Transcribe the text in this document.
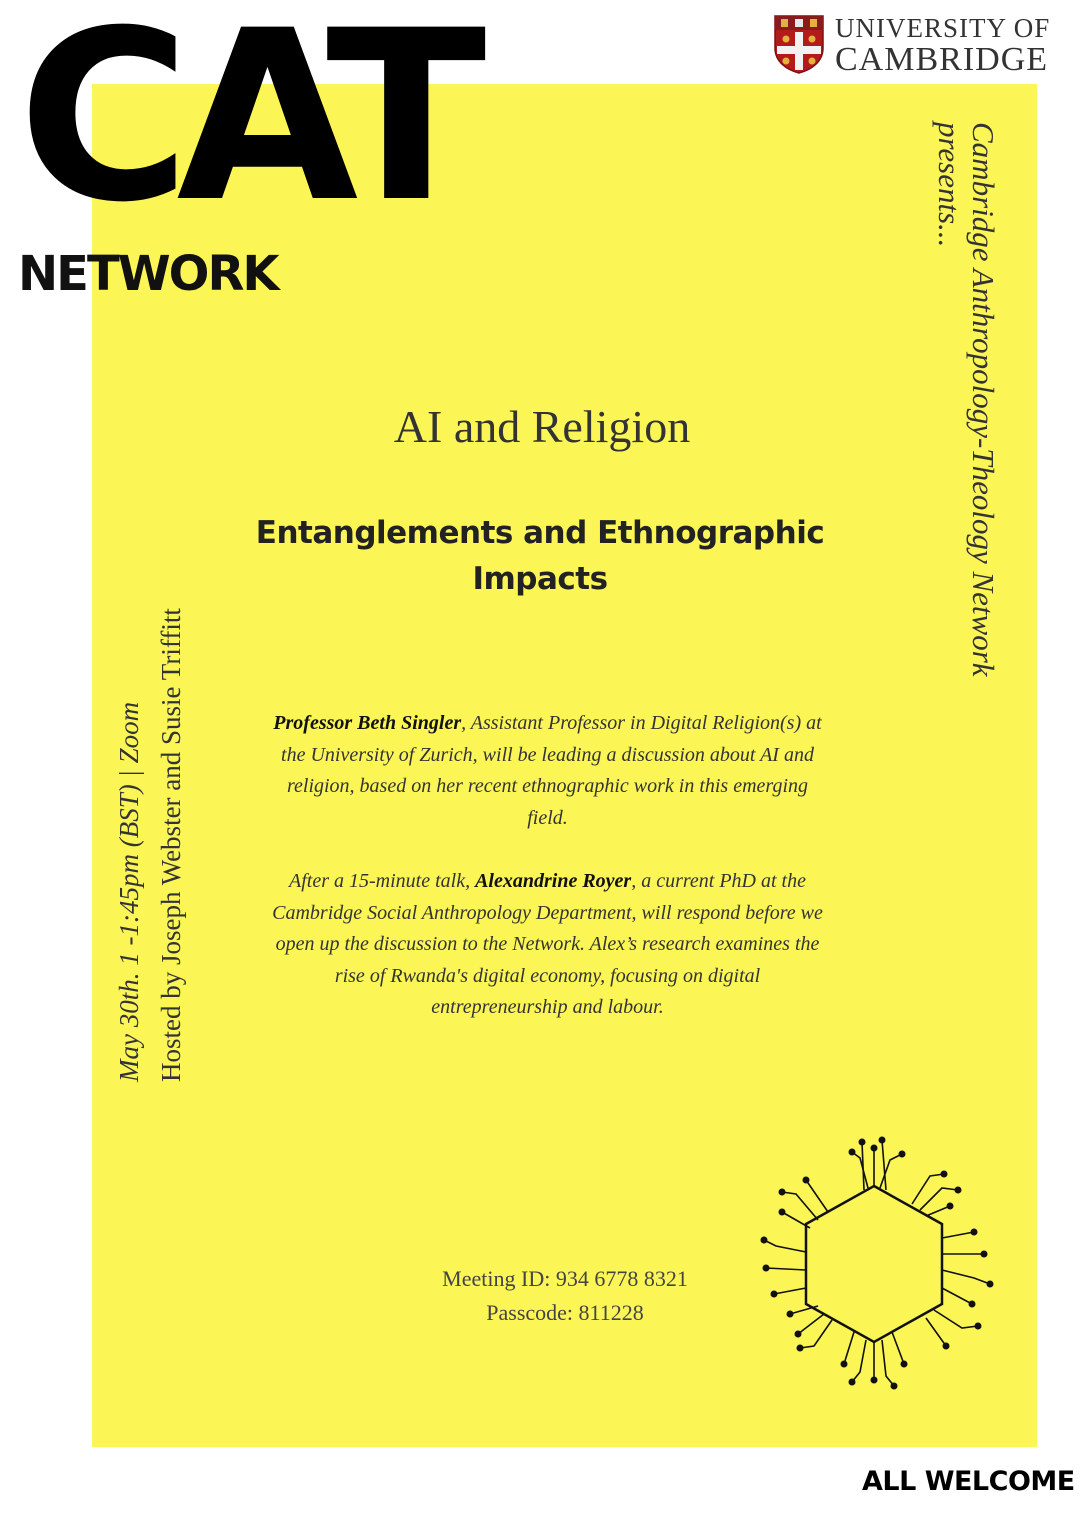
CAT
NETWORK
UNIVERSITY OF
CAMBRIDGE
Cambridge Anthropology-Theology Network
presents...
May 30th. 1 -1:45pm (BST) | Zoom Hosted by Joseph Webster and Susie Triffitt
AI and Religion
Entanglements and Ethnographic Impacts
Professor Beth Singler, Assistant Professor in Digital Religion(s) at the University of Zurich, will be leading a discussion about AI and religion, based on her recent ethnographic work in this emerging field.
After a 15-minute talk, Alexandrine Royer, a current PhD at the Cambridge Social Anthropology Department, will respond before we open up the discussion to the Network. Alex’s research examines the rise of Rwanda's digital economy, focusing on digital entrepreneurship and labour.
Meeting ID: 934 6778 8321
Passcode: 811228
ALL WELCOME
